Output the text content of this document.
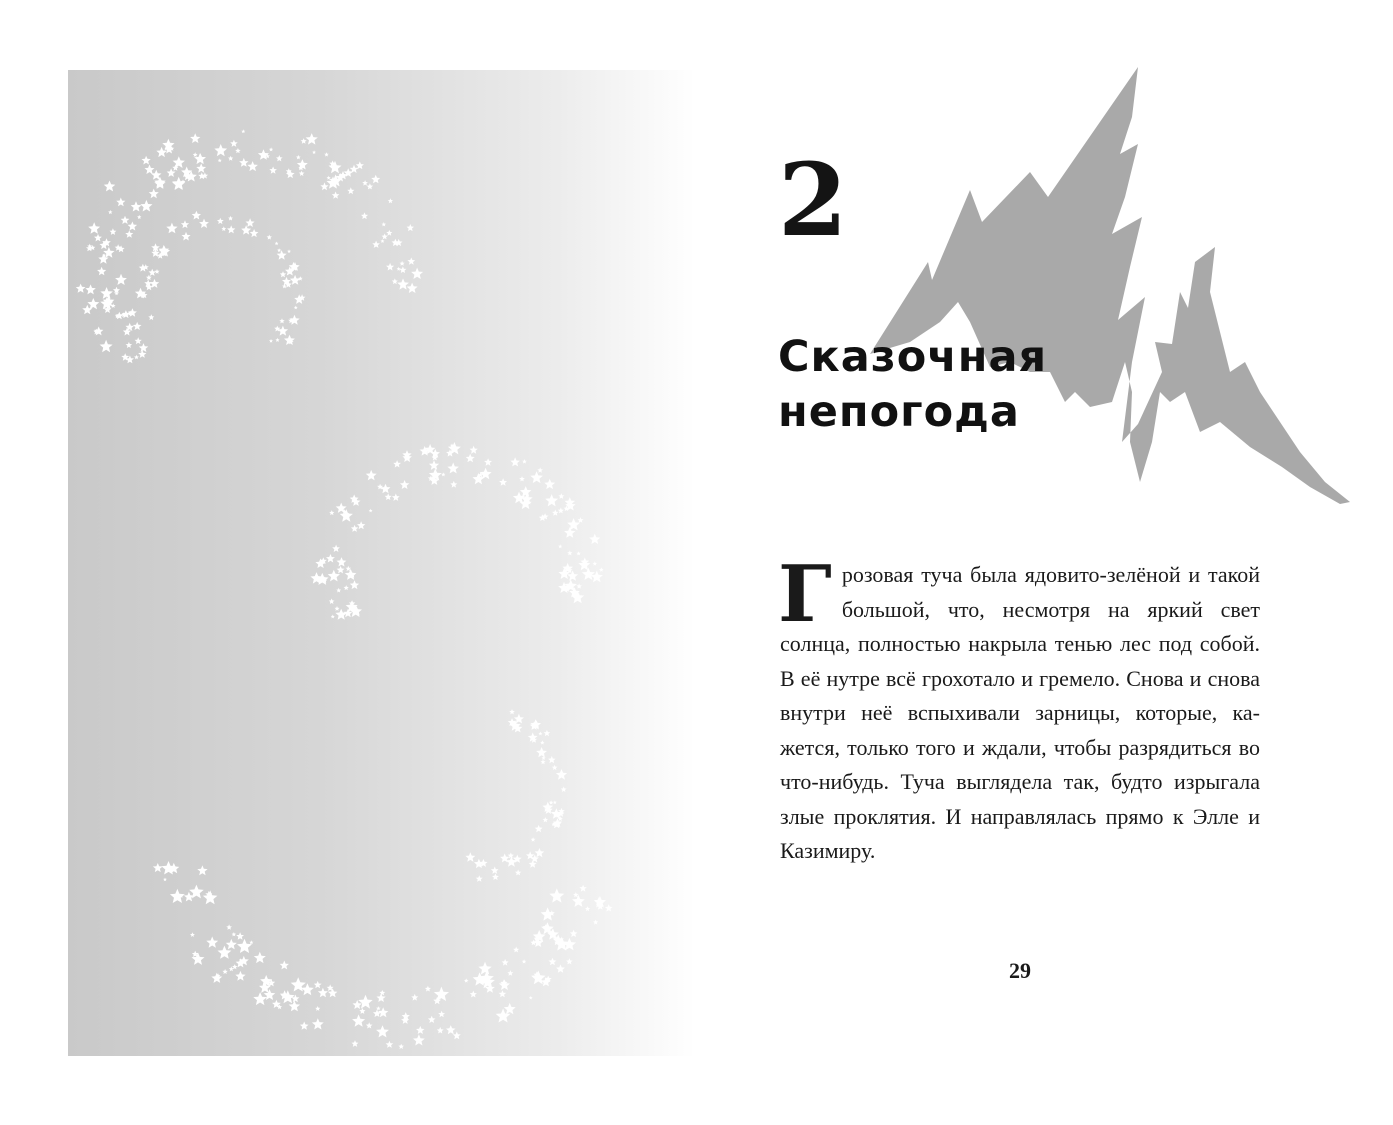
2
Сказочная непогода

Грозовая туча была ядовито-зелёной и такой большой, что, несмотря на яркий свет солнца, полностью накрыла тенью лес под собой. В её нутре всё грохотало и гремело. Снова и снова внутри неё вспыхивали зарницы, которые, кажется, только того и ждали, чтобы разрядиться во что-нибудь. Туча выглядела так, будто изрыгала злые проклятия. И направлялась прямо к Элле и Казимиру.

29
